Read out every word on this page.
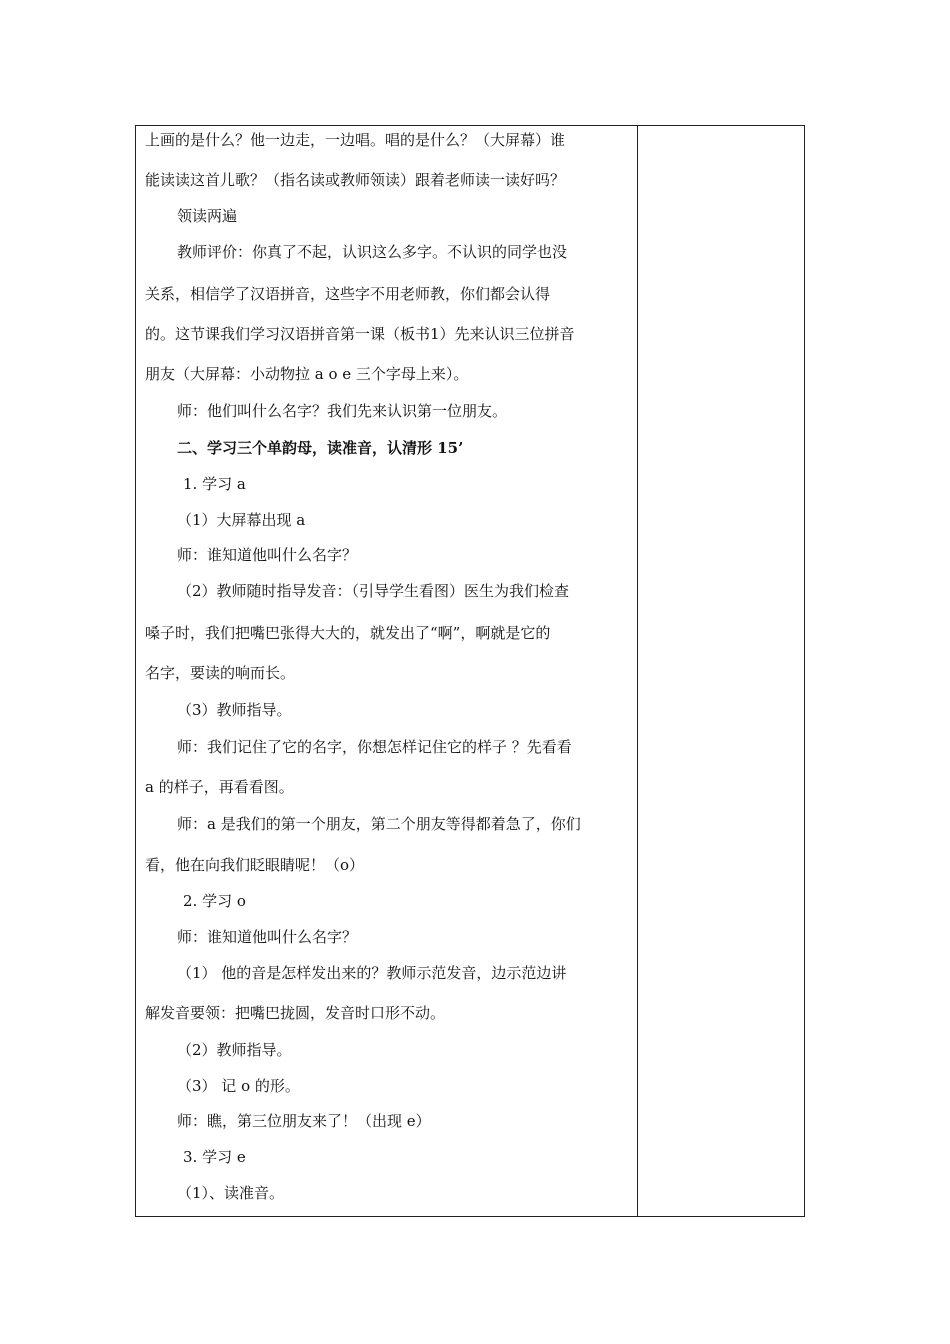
上画的是什么？他一边走，一边唱。唱的是什么？（大屏幕）谁
能读读这首儿歌？（指名读或教师领读）跟着老师读一读好吗？
领读两遍
教师评价：你真了不起，认识这么多字。不认识的同学也没
关系，相信学了汉语拼音，这些字不用老师教，你们都会认得
的。这节课我们学习汉语拼音第一课（板书1）先来认识三位拼音
朋友（大屏幕：小动物拉 a o e 三个字母上来）。
师：他们叫什么名字？我们先来认识第一位朋友。
二、学习三个单韵母，读准音，认清形 15’
1. 学习 a
（1）大屏幕出现 a
师：谁知道他叫什么名字？
（2）教师随时指导发音：（引导学生看图）医生为我们检查
嗓子时，我们把嘴巴张得大大的，就发出了“啊”，啊就是它的
名字，要读的响而长。
（3）教师指导。
师：我们记住了它的名字，你想怎样记住它的样子 ？先看看
a 的样子，再看看图。
师：a 是我们的第一个朋友，第二个朋友等得都着急了，你们
看，他在向我们眨眼睛呢！（o）
2. 学习 o
师：谁知道他叫什么名字？
（1） 他的音是怎样发出来的？教师示范发音，边示范边讲
解发音要领：把嘴巴拢圆，发音时口形不动。
（2）教师指导。
（3） 记 o 的形。
师：瞧，第三位朋友来了！（出现 e）
3. 学习 e
（1）、读准音。
